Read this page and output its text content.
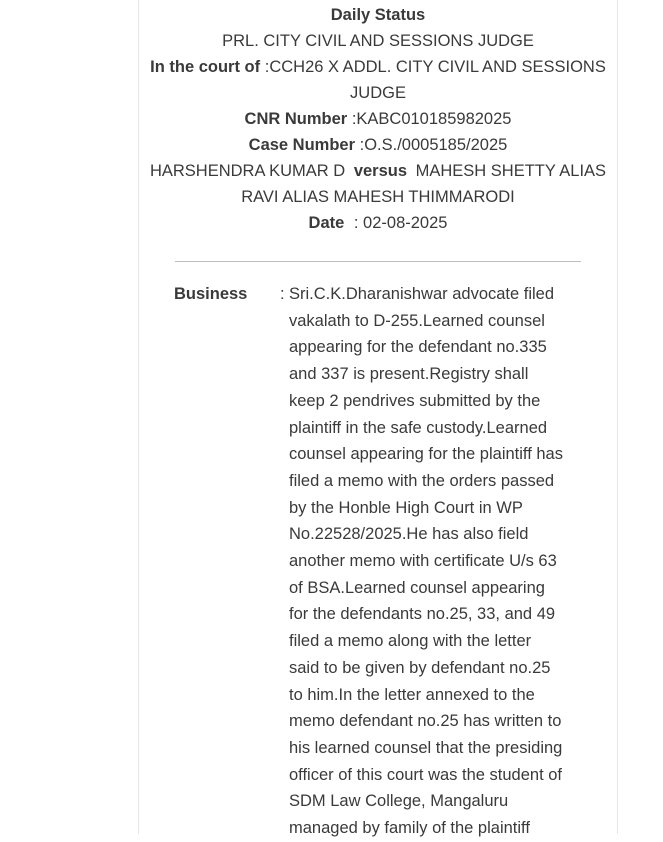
Daily Status
PRL. CITY CIVIL AND SESSIONS JUDGE
In the court of :CCH26 X ADDL. CITY CIVIL AND SESSIONS JUDGE
CNR Number :KABC010185982025
Case Number :O.S./0005185/2025
HARSHENDRA KUMAR D versus MAHESH SHETTY ALIAS RAVI ALIAS MAHESH THIMMARODI
Date : 02-08-2025
Business	: Sri.C.K.Dharanishwar advocate filed vakalath to D-255.Learned counsel appearing for the defendant no.335 and 337 is present.Registry shall keep 2 pendrives submitted by the plaintiff in the safe custody.Learned counsel appearing for the plaintiff has filed a memo with the orders passed by the Honble High Court in WP No.22528/2025.He has also field another memo with certificate U/s 63 of BSA.Learned counsel appearing for the defendants no.25, 33, and 49 filed a memo along with the letter said to be given by defendant no.25 to him.In the letter annexed to the memo defendant no.25 has written to his learned counsel that the presiding officer of this court was the student of SDM Law College, Mangaluru managed by family of the plaintiff
